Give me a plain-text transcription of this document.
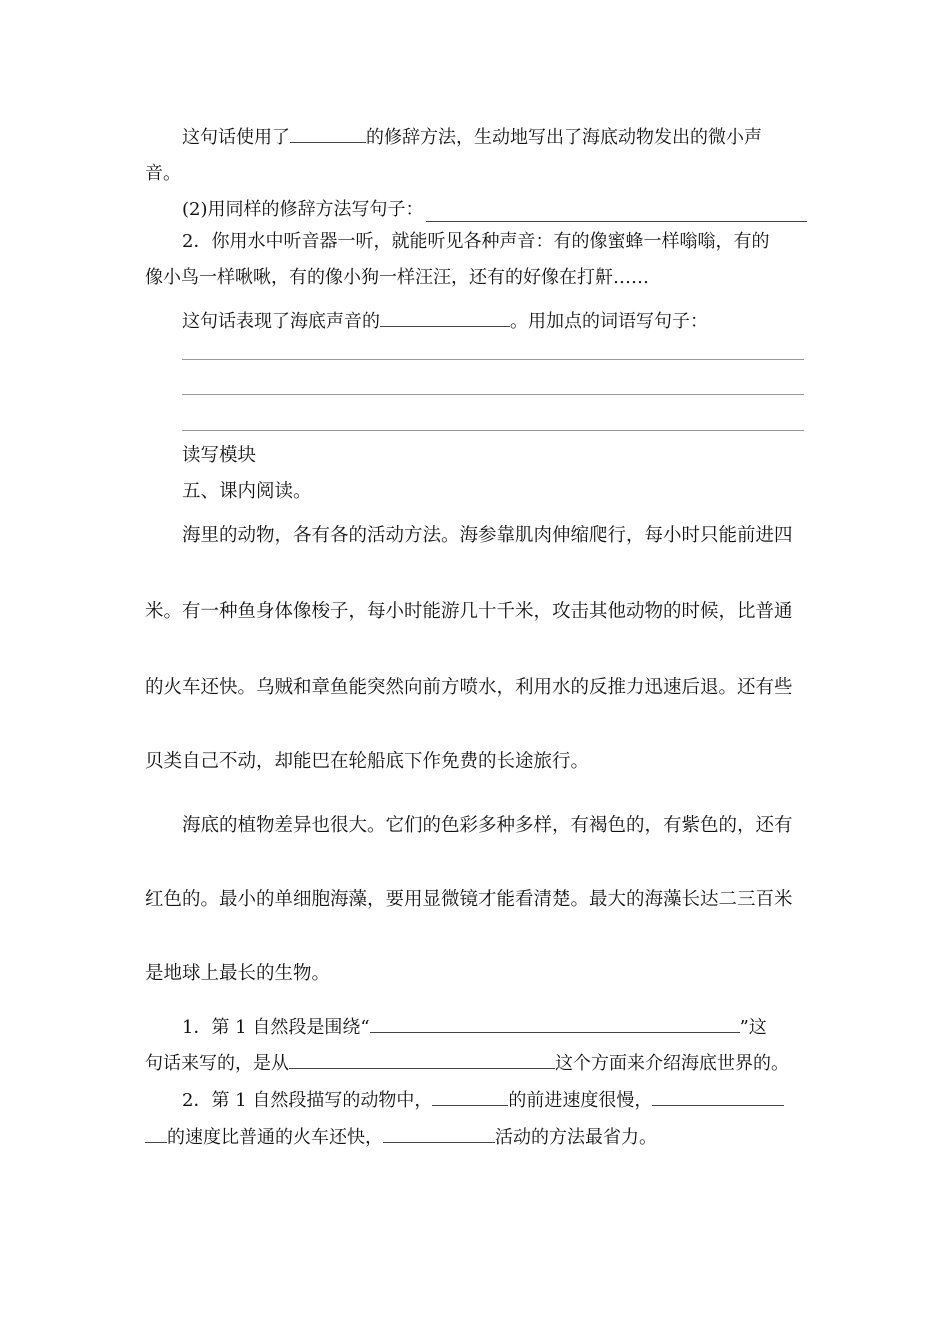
这句话使用了	的修辞方法，生动地写出了海底动物发出的微小声
音。
(2)用同样的修辞方法写句子：
2．你用水中听音器一听，就能听见各种声音：有的像蜜蜂一样嗡嗡，有的
像小鸟一样啾啾，有的像小狗一样汪汪，还有的好像在打鼾……
这句话表现了海底声音的	。用加点的词语写句子：
读写模块
五、课内阅读。
海里的动物，各有各的活动方法。海参靠肌肉伸缩爬行，每小时只能前进四
米。有一种鱼身体像梭子，每小时能游几十千米，攻击其他动物的时候，比普通
的火车还快。乌贼和章鱼能突然向前方喷水，利用水的反推力迅速后退。还有些
贝类自己不动，却能巴在轮船底下作免费的长途旅行。
海底的植物差异也很大。它们的色彩多种多样，有褐色的，有紫色的，还有
红色的。最小的单细胞海藻，要用显微镜才能看清楚。最大的海藻长达二三百米
是地球上最长的生物。
1．第 1 自然段是围绕“	”这
句话来写的，是从	这个方面来介绍海底世界的。
2．第 1 自然段描写的动物中，	的前进速度很慢，
的速度比普通的火车还快，	活动的方法最省力。
